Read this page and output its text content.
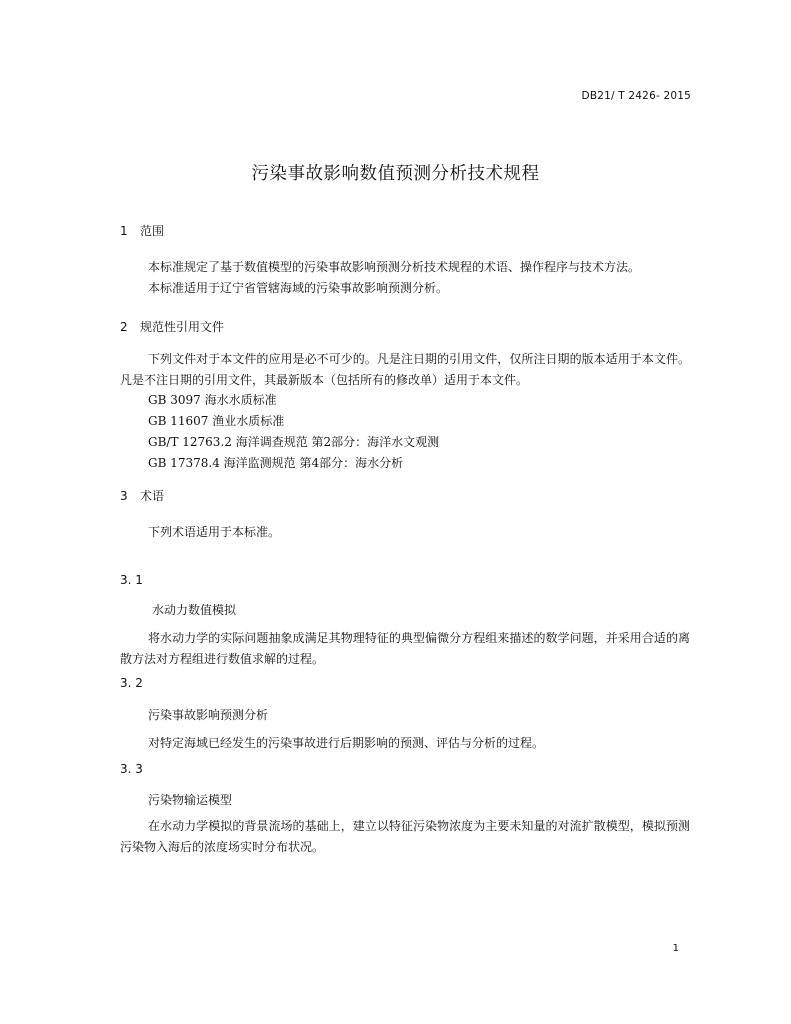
DB21/ T 2426- 2015
污染事故影响数值预测分析技术规程
1 范围
本标准规定了基于数值模型的污染事故影响预测分析技术规程的术语、操作程序与技术方法。
本标准适用于辽宁省管辖海域的污染事故影响预测分析。
2 规范性引用文件
下列文件对于本文件的应用是必不可少的。凡是注日期的引用文件，仅所注日期的版本适用于本文件。凡是不注日期的引用文件，其最新版本（包括所有的修改单）适用于本文件。
GB 3097 海水水质标准
GB 11607 渔业水质标准
GB/T 12763.2 海洋调查规范 第2部分：海洋水文观测
GB 17378.4 海洋监测规范 第4部分：海水分析
3 术语
下列术语适用于本标准。
3. 1
水动力数值模拟
将水动力学的实际问题抽象成满足其物理特征的典型偏微分方程组来描述的数学问题，并采用合适的离散方法对方程组进行数值求解的过程。
3. 2
污染事故影响预测分析
对特定海域已经发生的污染事故进行后期影响的预测、评估与分析的过程。
3. 3
污染物输运模型
在水动力学模拟的背景流场的基础上，建立以特征污染物浓度为主要未知量的对流扩散模型，模拟预测污染物入海后的浓度场实时分布状况。
1
